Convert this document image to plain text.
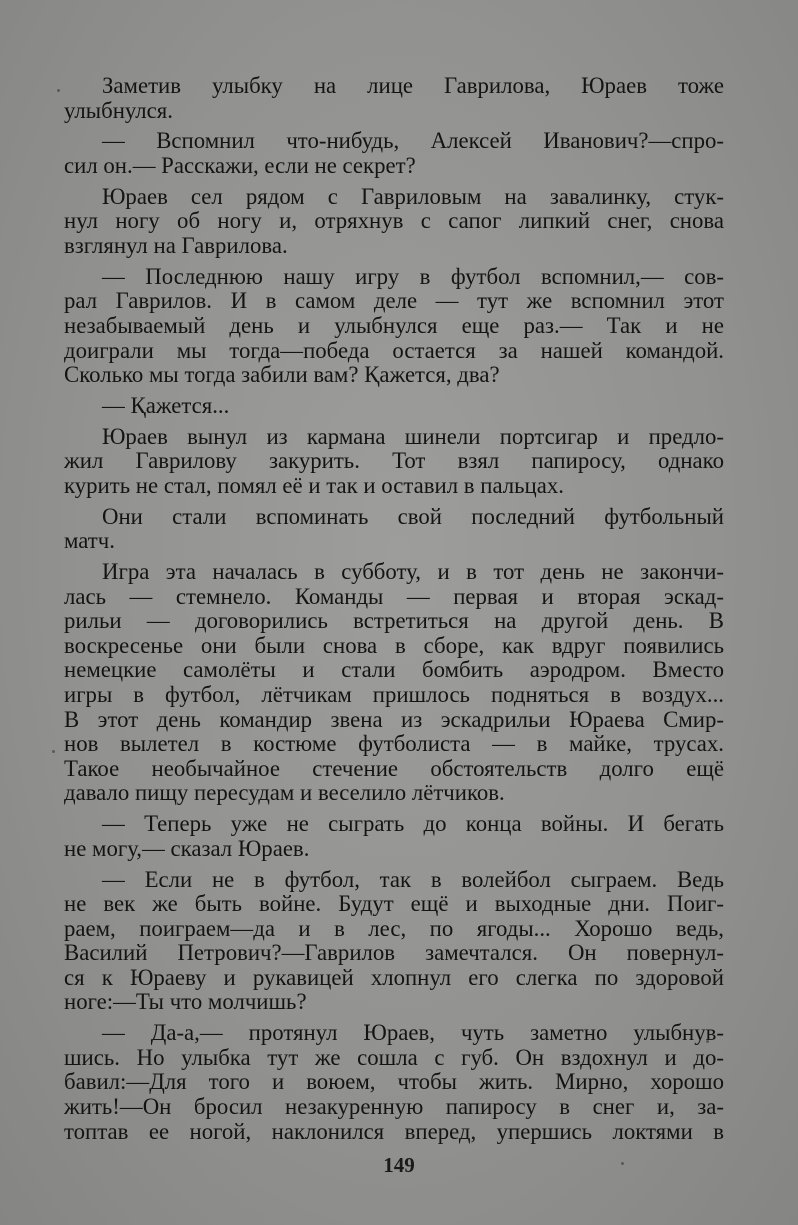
Заметив улыбку на лице Гаврилова, Юраев тоже
улыбнулся.
— Вспомнил что-нибудь, Алексей Иванович?—спро-
сил он.— Расскажи, если не секрет?
Юраев сел рядом с Гавриловым на завалинку, стук-
нул ногу об ногу и, отряхнув с сапог липкий снег, снова
взглянул на Гаврилова.
— Последнюю нашу игру в футбол вспомнил,— сов-
рал Гаврилов. И в самом деле — тут же вспомнил этот
незабываемый день и улыбнулся еще раз.— Так и не
доиграли мы тогда—победа остается за нашей командой.
Сколько мы тогда забили вам? Қажется, два?
— Қажется...
Юраев вынул из кармана шинели портсигар и предло-
жил Гаврилову закурить. Тот взял папиросу, однако
курить не стал, помял её и так и оставил в пальцах.
Они стали вспоминать свой последний футбольный
матч.
Игра эта началась в субботу, и в тот день не закончи-
лась — стемнело. Команды — первая и вторая эскад-
рильи — договорились встретиться на другой день. В
воскресенье они были снова в сборе, как вдруг появились
немецкие самолёты и стали бомбить аэродром. Вместо
игры в футбол, лётчикам пришлось подняться в воздух...
В этот день командир звена из эскадрильи Юраева Смир-
нов вылетел в костюме футболиста — в майке, трусах.
Такое необычайное стечение обстоятельств долго ещё
давало пищу пересудам и веселило лётчиков.
— Теперь уже не сыграть до конца войны. И бегать
не могу,— сказал Юраев.
— Если не в футбол, так в волейбол сыграем. Ведь
не век же быть войне. Будут ещё и выходные дни. Поиг-
раем, поиграем—да и в лес, по ягоды... Хорошо ведь,
Василий Петрович?—Гаврилов замечтался. Он повернул-
ся к Юраеву и рукавицей хлопнул его слегка по здоровой
ноге:—Ты что молчишь?
— Да-а,— протянул Юраев, чуть заметно улыбнув-
шись. Но улыбка тут же сошла с губ. Он вздохнул и до-
бавил:—Для того и воюем, чтобы жить. Мирно, хорошо
жить!—Он бросил незакуренную папиросу в снег и, за-
топтав ее ногой, наклонился вперед, упершись локтями в
149
